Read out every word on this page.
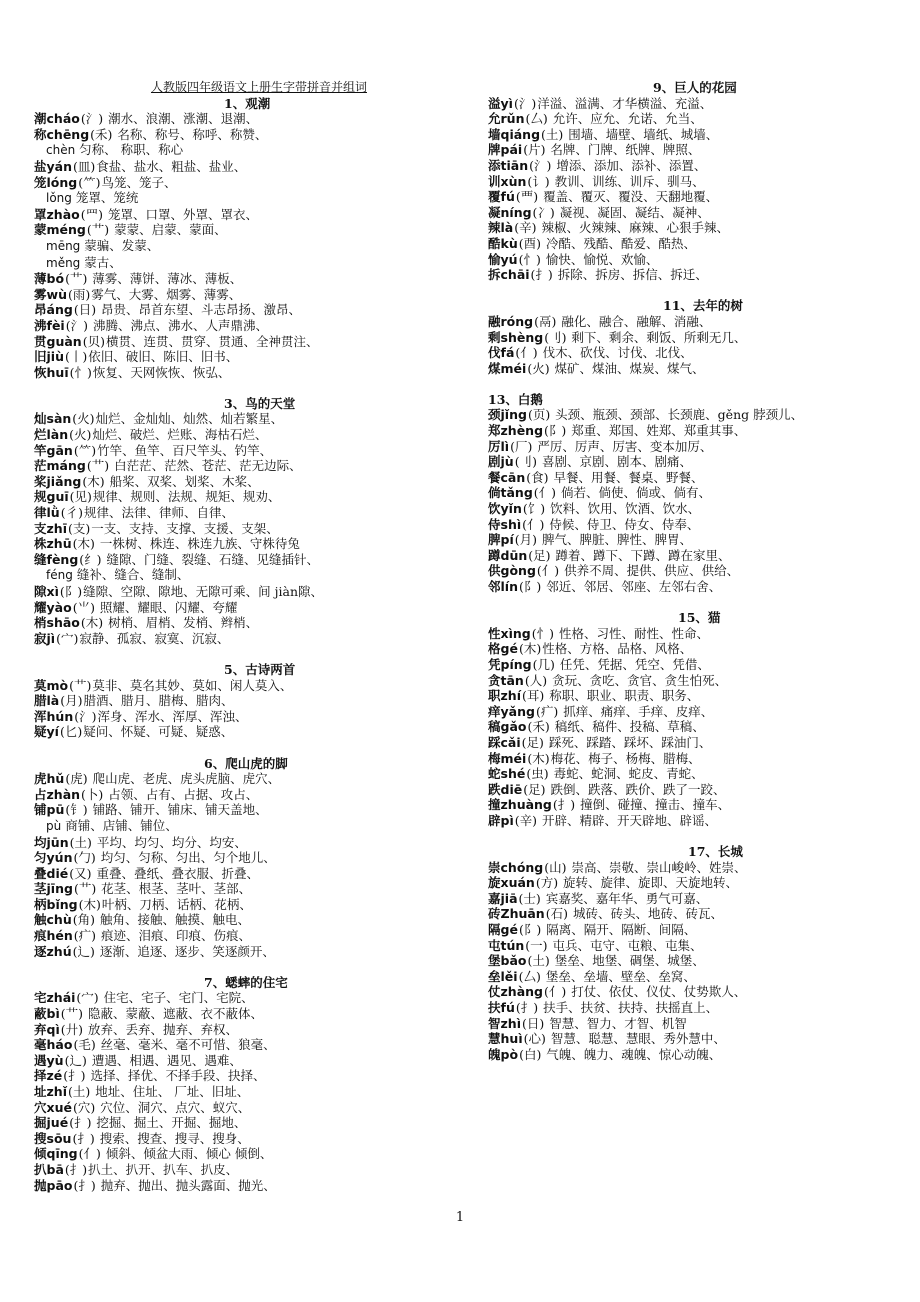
人教版四年级语文上册生字带拼音并组词
1、观潮
潮cháo(氵) 潮水、浪潮、涨潮、退潮、
称chēng(禾) 名称、称号、称呼、称赞、
chèn 匀称、 称职、称心
盐yán(皿)食盐、盐水、粗盐、盐业、
笼lóng(⺮)鸟笼、笼子、
lǒng 笼罩、笼统
罩zhào(罒) 笼罩、口罩、外罩、罩衣、
蒙méng(艹) 蒙蒙、启蒙、蒙面、
mēng 蒙骗、发蒙、
měng 蒙古、
薄bó(艹) 薄雾、薄饼、薄冰、薄板、
雾wù(雨)雾气、大雾、烟雾、薄雾、
昂áng(日) 昂贵、昂首东望、斗志昂扬、激昂、
沸fèi(氵) 沸腾、沸点、沸水、人声鼎沸、
贯guàn(贝)横贯、连贯、贯穿、贯通、全神贯注、
旧jiù(丨)依旧、破旧、陈旧、旧书、
恢huī(忄)恢复、天网恢恢、恢弘、
3、鸟的天堂
灿sàn(火)灿烂、金灿灿、灿然、灿若繁星、
烂làn(火)灿烂、破烂、烂账、海枯石烂、
竿gān(⺮)竹竿、鱼竿、百尺竿头、钓竿、
茫máng(艹) 白茫茫、茫然、苍茫、茫无边际、
桨jiǎng(木) 船桨、双桨、划桨、木桨、
规guī(见)规律、规则、法规、规矩、规劝、
律lǜ(彳)规律、法律、律师、自律、
支zhī(支)一支、支持、支撑、支援、支架、
株zhū(木) 一株树、株连、株连九族、守株待兔
缝fèng(纟) 缝隙、门缝、裂缝、石缝、见缝插针、
féng 缝补、缝合、缝制、
隙xì(阝)缝隙、空隙、隙地、无隙可乘、间 jiàn隙、
耀yào(⺌) 照耀、耀眼、闪耀、夸耀
梢shāo(木) 树梢、眉梢、发梢、辫梢、
寂jì(宀)寂静、孤寂、寂寞、沉寂、
5、古诗两首
莫mò(艹)莫非、莫名其妙、莫如、闲人莫入、
腊là(月)腊酒、腊月、腊梅、腊肉、
浑hún(氵)浑身、浑水、浑厚、浑浊、
疑yí(匕)疑问、怀疑、可疑、疑惑、
6、爬山虎的脚
虎hǔ(虎) 爬山虎、老虎、虎头虎脑、虎穴、
占zhàn(卜) 占领、占有、占据、攻占、
铺pū(钅) 铺路、铺开、铺床、铺天盖地、
pù 商铺、店铺、铺位、
均jūn(土) 平均、均匀、均分、均安、
匀yún(勹) 均匀、匀称、匀出、匀个地儿、
叠dié(又) 重叠、叠纸、叠衣服、折叠、
茎jīng(艹) 花茎、根茎、茎叶、茎部、
柄bǐng(木)叶柄、刀柄、话柄、花柄、
触chù(角) 触角、接触、触摸、触电、
痕hén(疒) 痕迹、泪痕、印痕、伤痕、
逐zhú(辶) 逐渐、追逐、逐步、笑逐颜开、
7、蟋蟀的住宅
宅zhái(宀) 住宅、宅子、宅门、宅院、
蔽bì(艹) 隐蔽、蒙蔽、遮蔽、衣不蔽体、
弃qì(廾) 放弃、丢弃、抛弃、弃权、
毫háo(毛) 丝毫、毫米、毫不可惜、狼毫、
遇yù(辶) 遭遇、相遇、遇见、遇难、
择zé(扌) 选择、择优、不择手段、抉择、
址zhǐ(土) 地址、住址、 厂址、旧址、
穴xué(穴) 穴位、洞穴、点穴、蚁穴、
掘jué(扌) 挖掘、掘土、开掘、掘地、
搜sōu(扌) 搜索、搜查、搜寻、搜身、
倾qīng(亻) 倾斜、倾盆大雨、倾心 倾倒、
扒bā(扌)扒土、扒开、扒车、扒皮、
抛pāo(扌) 抛弃、抛出、抛头露面、抛光、
9、巨人的花园
溢yì(氵)洋溢、溢满、才华横溢、充溢、
允rǔn(厶) 允许、应允、允诺、允当、
墙qiáng(土) 围墙、墙壁、墙纸、城墙、
牌pái(片) 名牌、门牌、纸牌、牌照、
添tiān(氵) 增添、添加、添补、添置、
训xùn(讠) 教训、训练、训斥、驯马、
覆fú(覀) 覆盖、覆灭、覆没、天翻地覆、
凝níng(冫) 凝视、凝固、凝结、凝神、
辣là(辛) 辣椒、火辣辣、麻辣、心狠手辣、
酷kù(酉) 冷酷、残酷、酷爱、酷热、
愉yú(忄) 愉快、愉悦、欢愉、
拆chāi(扌) 拆除、拆房、拆信、拆迁、
11、去年的树
融róng(鬲) 融化、融合、融解、消融、
剩shèng(刂) 剩下、剩余、剩饭、所剩无几、
伐fá(亻) 伐木、砍伐、讨伐、北伐、
煤méi(火) 煤矿、煤油、煤炭、煤气、
13、白鹅
颈jǐng(页) 头颈、瓶颈、颈部、长颈鹿、gěng 脖颈儿、
郑zhèng(阝) 郑重、郑国、姓郑、郑重其事、
厉lì(厂) 严厉、厉声、厉害、变本加厉、
剧jù(刂) 喜剧、京剧、剧本、剧痛、
餐cān(食) 早餐、用餐、餐桌、野餐、
倘tǎng(亻) 倘若、倘使、倘或、倘有、
饮yǐn(饣) 饮料、饮用、饮酒、饮水、
侍shì(亻) 侍候、侍卫、侍女、侍奉、
脾pí(月) 脾气、脾脏、脾性、脾胃、
蹲dūn(足) 蹲着、蹲下、下蹲、蹲在家里、
供gòng(亻) 供养不周、提供、供应、供给、
邻lín(阝) 邻近、邻居、邻座、左邻右舍、
15、猫
性xìng(忄) 性格、习性、耐性、性命、
格gé(木)性格、方格、品格、风格、
凭píng(几) 任凭、凭据、凭空、凭借、
贪tān(人) 贪玩、贪吃、贪官、贪生怕死、
职zhí(耳) 称职、职业、职责、职务、
痒yǎng(疒) 抓痒、痛痒、手痒、皮痒、
稿gǎo(禾) 稿纸、稿件、投稿、草稿、
踩cǎi(足) 踩死、踩踏、踩坏、踩油门、
梅méi(木)梅花、梅子、杨梅、腊梅、
蛇shé(虫) 毒蛇、蛇洞、蛇皮、青蛇、
跌diē(足) 跌倒、跌落、跌价、跌了一跤、
撞zhuàng(扌) 撞倒、碰撞、撞击、撞车、
辟pì(辛) 开辟、精辟、开天辟地、辟谣、
17、长城
崇chóng(山) 崇高、崇敬、崇山峻岭、姓崇、
旋xuán(方) 旋转、旋律、旋即、天旋地转、
嘉jiā(士) 宾嘉奖、嘉年华、勇气可嘉、
砖Zhuān(石) 城砖、砖头、地砖、砖瓦、
隔gé(阝) 隔离、隔开、隔断、间隔、
屯tún(一) 屯兵、屯守、屯粮、屯集、
堡bǎo(土) 堡垒、地堡、碉堡、城堡、
垒lěi(厶) 堡垒、垒墙、壁垒、垒窝、
仗zhàng(亻) 打仗、依仗、仪仗、仗势欺人、
扶fú(扌) 扶手、扶贫、扶持、扶摇直上、
智zhì(日) 智慧、智力、才智、机智
慧huì(心) 智慧、聪慧、慧眼、秀外慧中、
魄pò(白) 气魄、魄力、魂魄、惊心动魄、
1
